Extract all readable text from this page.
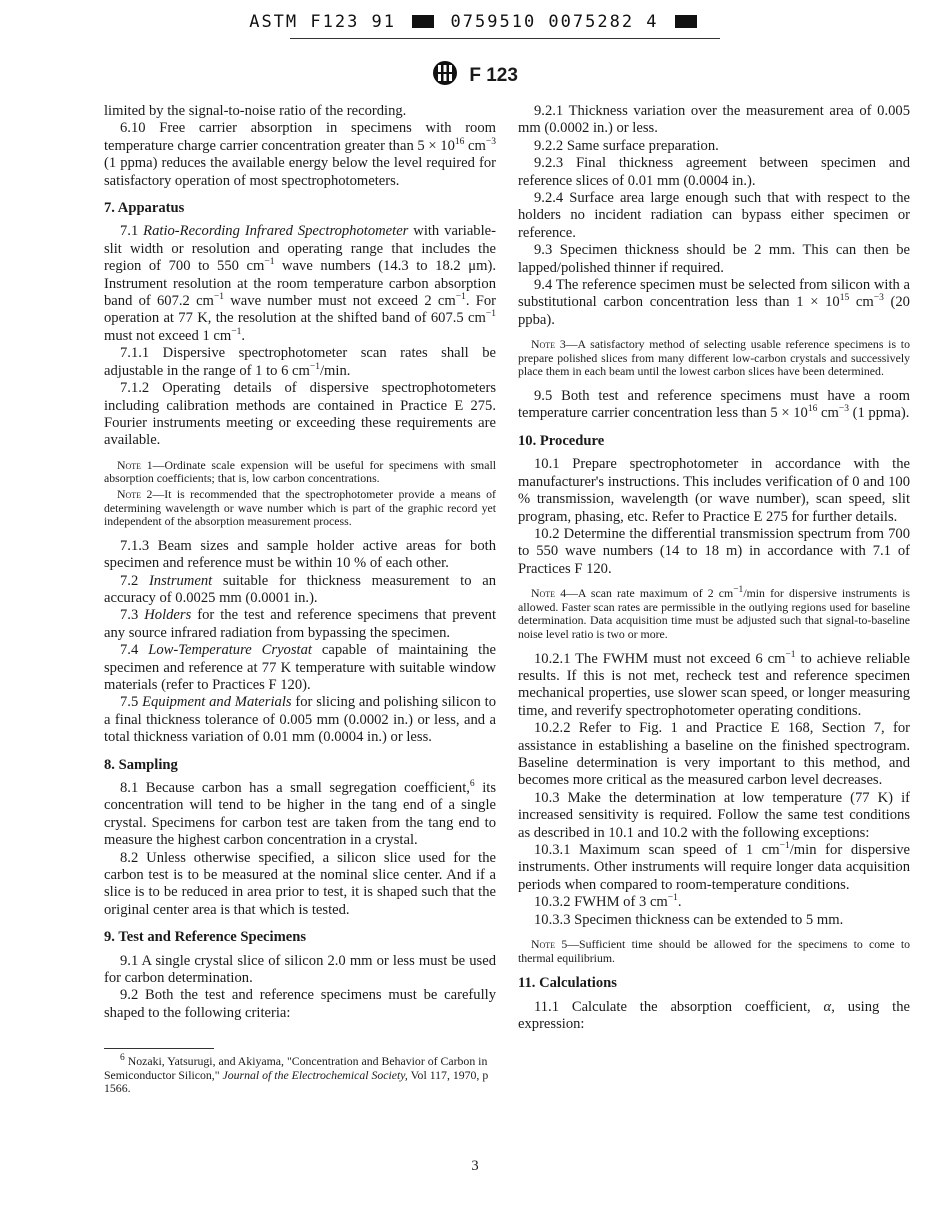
ASTM F123 91	0759510 0075282 4
F 123

limited by the signal-to-noise ratio of the recording.

6.10 Free carrier absorption in specimens with room temperature charge carrier concentration greater than $5 \times 10^{16}$ $cm^{-3}$ (1 ppma) reduces the available energy below the level required for satisfactory operation of most spectrophotometers.

7. Apparatus

7.1 Ratio-Recording Infrared Spectrophotometer with variable-slit width or resolution and operating range that includes the region of 700 to 550 $cm^{-1}$ wave numbers (14.3 to 18.2 μm). Instrument resolution at the room temperature carbon absorption band of 607.2 $cm^{-1}$ wave number must not exceed 2 $cm^{-1}$. For operation at 77 K, the resolution at the shifted band of 607.5 $cm^{-1}$ must not exceed 1 $cm^{-1}$.

7.1.1 Dispersive spectrophotometer scan rates shall be adjustable in the range of 1 to 6 $cm^{-1}/\min$.

7.1.2 Operating details of dispersive spectrophotometers including calibration methods are contained in Practice E 275. Fourier instruments meeting or exceeding these requirements are available.

Note 1—Ordinate scale expension will be useful for specimens with small absorption coefficients; that is, low carbon concentrations.

Note 2—It is recommended that the spectrophotometer provide a means of determining wavelength or wave number which is part of the graphic record yet independent of the absorption measurement process.

7.1.3 Beam sizes and sample holder active areas for both specimen and reference must be within 10 % of each other.

7.2 Instrument suitable for thickness measurement to an accuracy of 0.0025 mm (0.0001 in.).

7.3 Holders for the test and reference specimens that prevent any source infrared radiation from bypassing the specimen.

7.4 Low-Temperature Cryostat capable of maintaining the specimen and reference at 77 K temperature with suitable window materials (refer to Practices F 120).

7.5 Equipment and Materials for slicing and polishing silicon to a final thickness tolerance of 0.005 mm (0.0002 in.) or less, and a total thickness variation of 0.01 mm (0.0004 in.) or less.

8. Sampling

8.1 Because carbon has a small segregation coefficient,$^6$ its concentration will tend to be higher in the tang end of a single crystal. Specimens for carbon test are taken from the tang end to measure the highest carbon concentration in a crystal.

8.2 Unless otherwise specified, a silicon slice used for the carbon test is to be measured at the nominal slice center. And if a slice is to be reduced in area prior to test, it is shaped such that the original center area is that which is tested.

9. Test and Reference Specimens

9.1 A single crystal slice of silicon 2.0 mm or less must be used for carbon determination.

9.2 Both the test and reference specimens must be carefully shaped to the following criteria:

$^6$ Nozaki, Yatsurugi, and Akiyama, "Concentration and Behavior of Carbon in Semiconductor Silicon," Journal of the Electrochemical Society, Vol 117, 1970, p 1566.

9.2.1 Thickness variation over the measurement area of 0.005 mm (0.0002 in.) or less.

9.2.2 Same surface preparation.

9.2.3 Final thickness agreement between specimen and reference slices of 0.01 mm (0.0004 in.).

9.2.4 Surface area large enough such that with respect to the holders no incident radiation can bypass either specimen or reference.

9.3 Specimen thickness should be 2 mm. This can then be lapped/polished thinner if required.

9.4 The reference specimen must be selected from silicon with a substitutional carbon concentration less than $1 \times 10^{15}$ $cm^{-3}$ (20 ppba).

Note 3—A satisfactory method of selecting usable reference specimens is to prepare polished slices from many different low-carbon crystals and successively place them in each beam until the lowest carbon slices have been determined.

9.5 Both test and reference specimens must have a room temperature carrier concentration less than $5 \times 10^{16}$ $cm^{-3}$ (1 ppma).

10. Procedure

10.1 Prepare spectrophotometer in accordance with the manufacturer's instructions. This includes verification of 0 and 100 % transmission, wavelength (or wave number), scan speed, slit program, phasing, etc. Refer to Practice E 275 for further details.

10.2 Determine the differential transmission spectrum from 700 to 550 wave numbers (14 to 18 m) in accordance with 7.1 of Practices F 120.

Note 4—A scan rate maximum of 2 $cm^{-1}/\min$ for dispersive instruments is allowed. Faster scan rates are permissible in the outlying regions used for baseline determination. Data acquisition time must be adjusted such that signal-to-baseline noise level ratio is two or more.

10.2.1 The FWHM must not exceed 6 $cm^{-1}$ to achieve reliable results. If this is not met, recheck test and reference specimen mechanical properties, use slower scan speed, or longer measuring time, and reverify spectrophotometer operating conditions.

10.2.2 Refer to Fig. 1 and Practice E 168, Section 7, for assistance in establishing a baseline on the finished spectrogram. Baseline determination is very important to this method, and becomes more critical as the measured carbon level decreases.

10.3 Make the determination at low temperature (77 K) if increased sensitivity is required. Follow the same test conditions as described in 10.1 and 10.2 with the following exceptions:

10.3.1 Maximum scan speed of 1 $cm^{-1}/\min$ for dispersive instruments. Other instruments will require longer data acquisition periods when compared to room-temperature conditions.

10.3.2 FWHM of 3 $cm^{-1}$.

10.3.3 Specimen thickness can be extended to 5 mm.

Note 5—Sufficient time should be allowed for the specimens to come to thermal equilibrium.

11. Calculations

11.1 Calculate the absorption coefficient, α, using the expression:

3
